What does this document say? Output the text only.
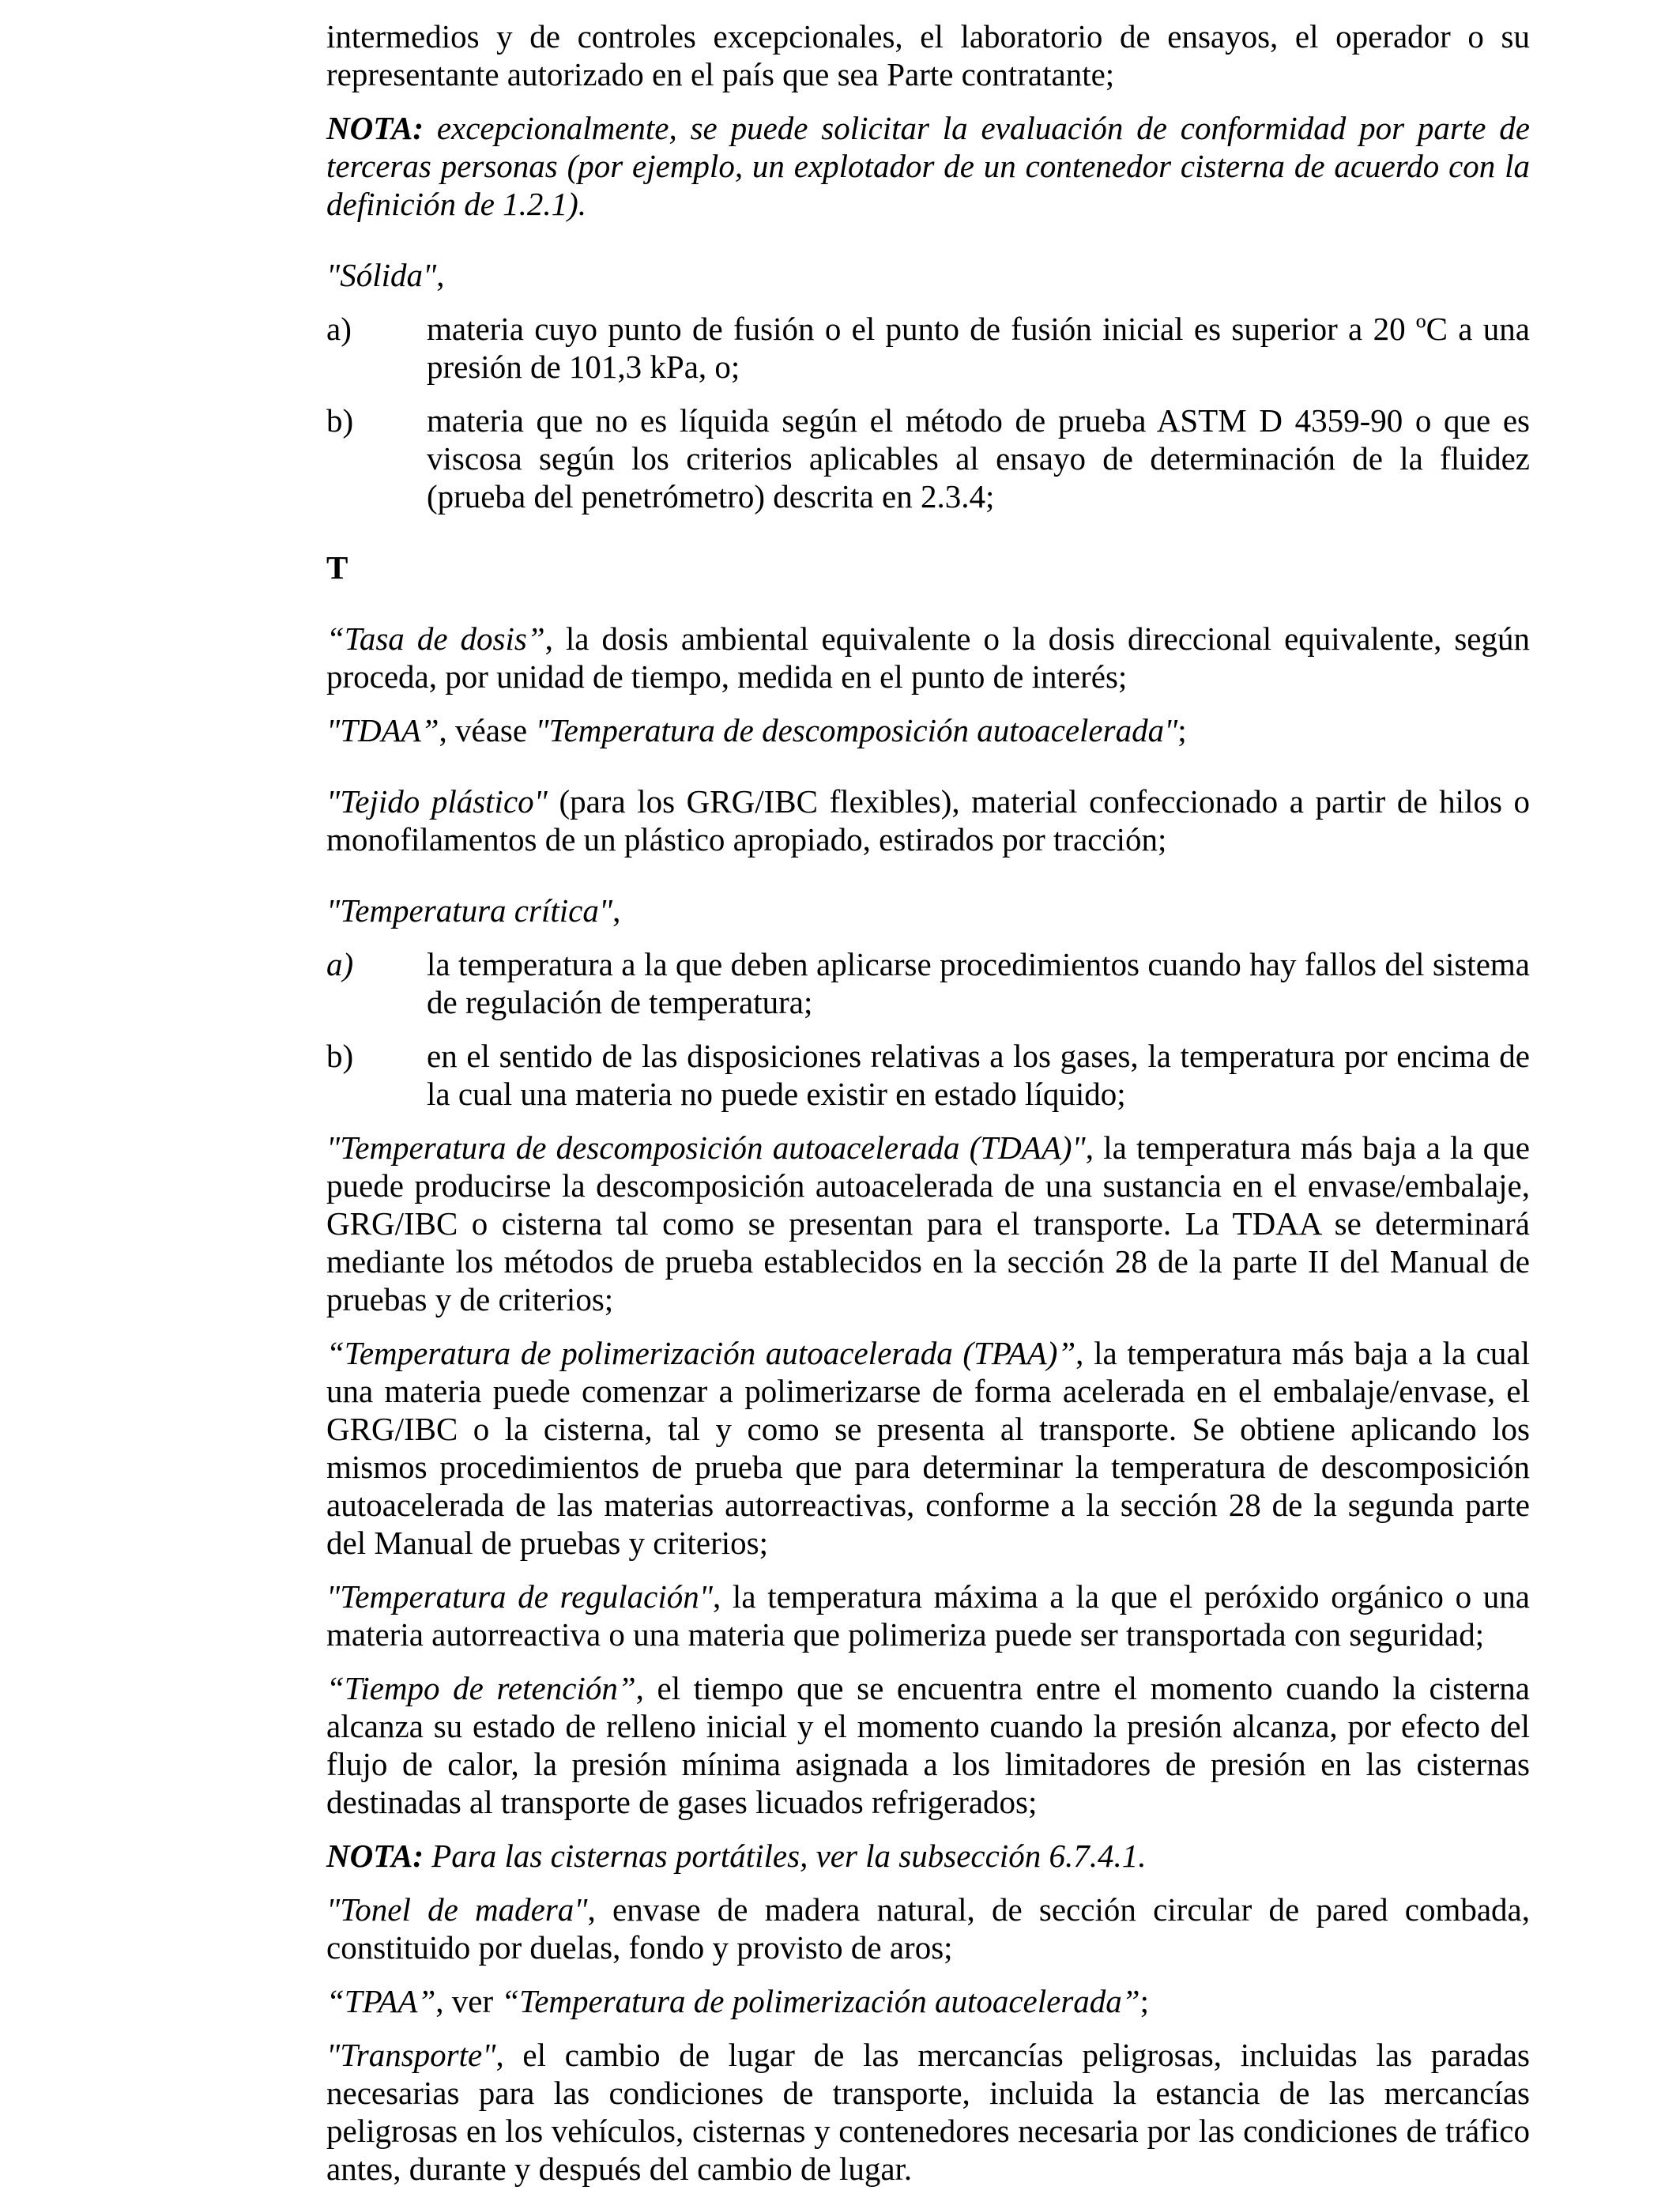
intermedios y de controles excepcionales, el laboratorio de ensayos, el operador o su representante autorizado en el país que sea Parte contratante;

NOTA: excepcionalmente, se puede solicitar la evaluación de conformidad por parte de terceras personas (por ejemplo, un explotador de un contenedor cisterna de acuerdo con la definición de 1.2.1).

"Sólida",

a)	materia cuyo punto de fusión o el punto de fusión inicial es superior a 20 ºC a una presión de 101,3 kPa, o;
b)	materia que no es líquida según el método de prueba ASTM D 4359-90 o que es viscosa según los criterios aplicables al ensayo de determinación de la fluidez (prueba del penetrómetro) descrita en 2.3.4;

T

“Tasa de dosis”, la dosis ambiental equivalente o la dosis direccional equivalente, según proceda, por unidad de tiempo, medida en el punto de interés;

"TDAA”, véase "Temperatura de descomposición autoacelerada";

"Tejido plástico" (para los GRG/IBC flexibles), material confeccionado a partir de hilos o monofilamentos de un plástico apropiado, estirados por tracción;

"Temperatura crítica",

a)	la temperatura a la que deben aplicarse procedimientos cuando hay fallos del sistema de regulación de temperatura;
b)	en el sentido de las disposiciones relativas a los gases, la temperatura por encima de la cual una materia no puede existir en estado líquido;

"Temperatura de descomposición autoacelerada (TDAA)", la temperatura más baja a la que puede producirse la descomposición autoacelerada de una sustancia en el envase/embalaje, GRG/IBC o cisterna tal como se presentan para el transporte. La TDAA se determinará mediante los métodos de prueba establecidos en la sección 28 de la parte II del Manual de pruebas y de criterios;

“Temperatura de polimerización autoacelerada (TPAA)”, la temperatura más baja a la cual una materia puede comenzar a polimerizarse de forma acelerada en el embalaje/envase, el GRG/IBC o la cisterna, tal y como se presenta al transporte. Se obtiene aplicando los mismos procedimientos de prueba que para determinar la temperatura de descomposición autoacelerada de las materias autorreactivas, conforme a la sección 28 de la segunda parte del Manual de pruebas y criterios;

"Temperatura de regulación", la temperatura máxima a la que el peróxido orgánico o una materia autorreactiva o una materia que polimeriza puede ser transportada con seguridad;

“Tiempo de retención”, el tiempo que se encuentra entre el momento cuando la cisterna alcanza su estado de relleno inicial y el momento cuando la presión alcanza, por efecto del flujo de calor, la presión mínima asignada a los limitadores de presión en las cisternas destinadas al transporte de gases licuados refrigerados;

NOTA: Para las cisternas portátiles, ver la subsección 6.7.4.1.

"Tonel de madera", envase de madera natural, de sección circular de pared combada, constituido por duelas, fondo y provisto de aros;

“TPAA”, ver “Temperatura de polimerización autoacelerada”;

"Transporte", el cambio de lugar de las mercancías peligrosas, incluidas las paradas necesarias para las condiciones de transporte, incluida la estancia de las mercancías peligrosas en los vehículos, cisternas y contenedores necesaria por las condiciones de tráfico antes, durante y después del cambio de lugar.
